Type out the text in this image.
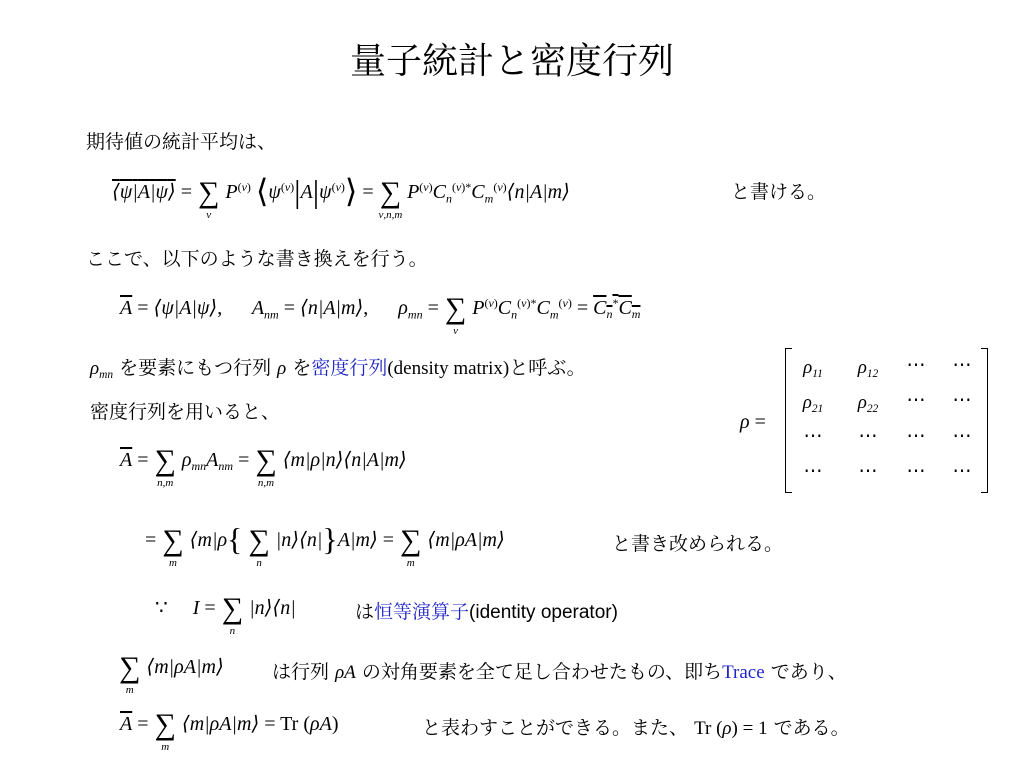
量子統計と密度行列
期待値の統計平均は、
⟨ψ|A|ψ⟩ = ∑
ν
$P^{(\nu)}$ $⟨\psi^{(\nu)}|A|\psi^{(\nu)}⟩$ = ∑
ν,n,m
$P^{(\nu)}C_n^{(\nu)*}C_m^{(\nu)}⟨n|A|m⟩$	と書ける。
ここで、以下のような書き換えを行う。
$\overline{A}$ = ⟨ψ|A|ψ⟩, $A_{nm}$ = ⟨n|A|m⟩, $\rho_{mn}$ = ∑
ν
$P^{(\nu)}C_n^{(\nu)*}C_m^{(\nu)} = C_n^*C_m$
$\rho_{mn}$ を要素にもつ行列 ρ を密度行列(density matrix)と呼ぶ。
ρ =
$\rho_{11}$	$\rho_{12}$	⋯	⋯
$\rho_{21}$	$\rho_{22}$	⋯	⋯
⋯	⋯	⋯	⋯
⋯	⋯	⋯	⋯
密度行列を用いると、
$\overline{A}$ = ∑
n,m
$\rho_{mn}A_{nm}$ = ∑
n,m
⟨m|ρ|n⟩⟨n|A|m⟩
= ∑
m
⟨m|ρ{ ∑
n
|n⟩⟨n|}A|m⟩ = ∑
m
⟨m|ρA|m⟩	と書き改められる。
∵ I = ∑
n
|n⟩⟨n|	は恒等演算子(identity operator)
∑
m
⟨m|ρA|m⟩	は行列 ρA の対角要素を全て足し合わせたもの、即ちTrace であり、
$\overline{A}$ = ∑
m
⟨m|ρA|m⟩ = Tr (ρA)	と表わすことができる。また、 Tr (ρ) = 1 である。
